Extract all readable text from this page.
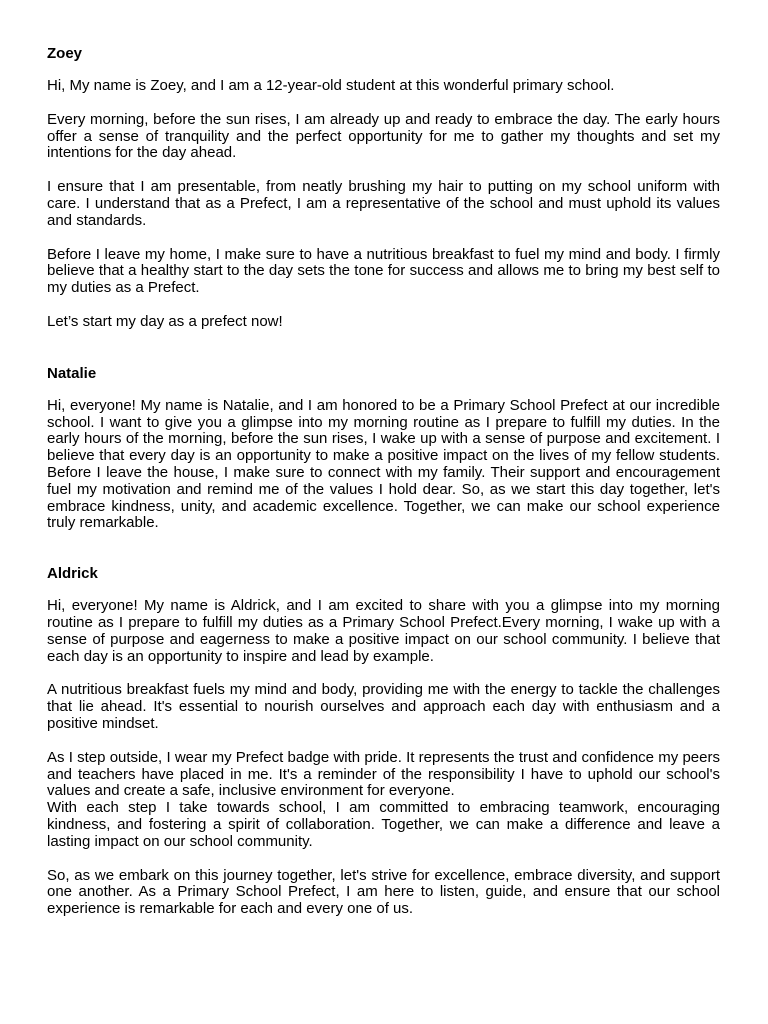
Zoey

Hi, My name is Zoey, and I am a 12-year-old student at this wonderful primary school.

Every morning, before the sun rises, I am already up and ready to embrace the day. The early hours offer a sense of tranquility and the perfect opportunity for me to gather my thoughts and set my intentions for the day ahead.

I ensure that I am presentable, from neatly brushing my hair to putting on my school uniform with care. I understand that as a Prefect, I am a representative of the school and must uphold its values and standards.

Before I leave my home, I make sure to have a nutritious breakfast to fuel my mind and body. I firmly believe that a healthy start to the day sets the tone for success and allows me to bring my best self to my duties as a Prefect.

Let’s start my day as a prefect now!

Natalie

Hi, everyone! My name is Natalie, and I am honored to be a Primary School Prefect at our incredible school. I want to give you a glimpse into my morning routine as I prepare to fulfill my duties. In the early hours of the morning, before the sun rises, I wake up with a sense of purpose and excitement. I believe that every day is an opportunity to make a positive impact on the lives of my fellow students. Before I leave the house, I make sure to connect with my family. Their support and encouragement fuel my motivation and remind me of the values I hold dear. So, as we start this day together, let's embrace kindness, unity, and academic excellence. Together, we can make our school experience truly remarkable.

Aldrick

Hi, everyone! My name is Aldrick, and I am excited to share with you a glimpse into my morning routine as I prepare to fulfill my duties as a Primary School Prefect.Every morning, I wake up with a sense of purpose and eagerness to make a positive impact on our school community. I believe that each day is an opportunity to inspire and lead by example.

A nutritious breakfast fuels my mind and body, providing me with the energy to tackle the challenges that lie ahead. It's essential to nourish ourselves and approach each day with enthusiasm and a positive mindset.

As I step outside, I wear my Prefect badge with pride. It represents the trust and confidence my peers and teachers have placed in me. It's a reminder of the responsibility I have to uphold our school's values and create a safe, inclusive environment for everyone.

With each step I take towards school, I am committed to embracing teamwork, encouraging kindness, and fostering a spirit of collaboration. Together, we can make a difference and leave a lasting impact on our school community.

So, as we embark on this journey together, let's strive for excellence, embrace diversity, and support one another. As a Primary School Prefect, I am here to listen, guide, and ensure that our school experience is remarkable for each and every one of us.
